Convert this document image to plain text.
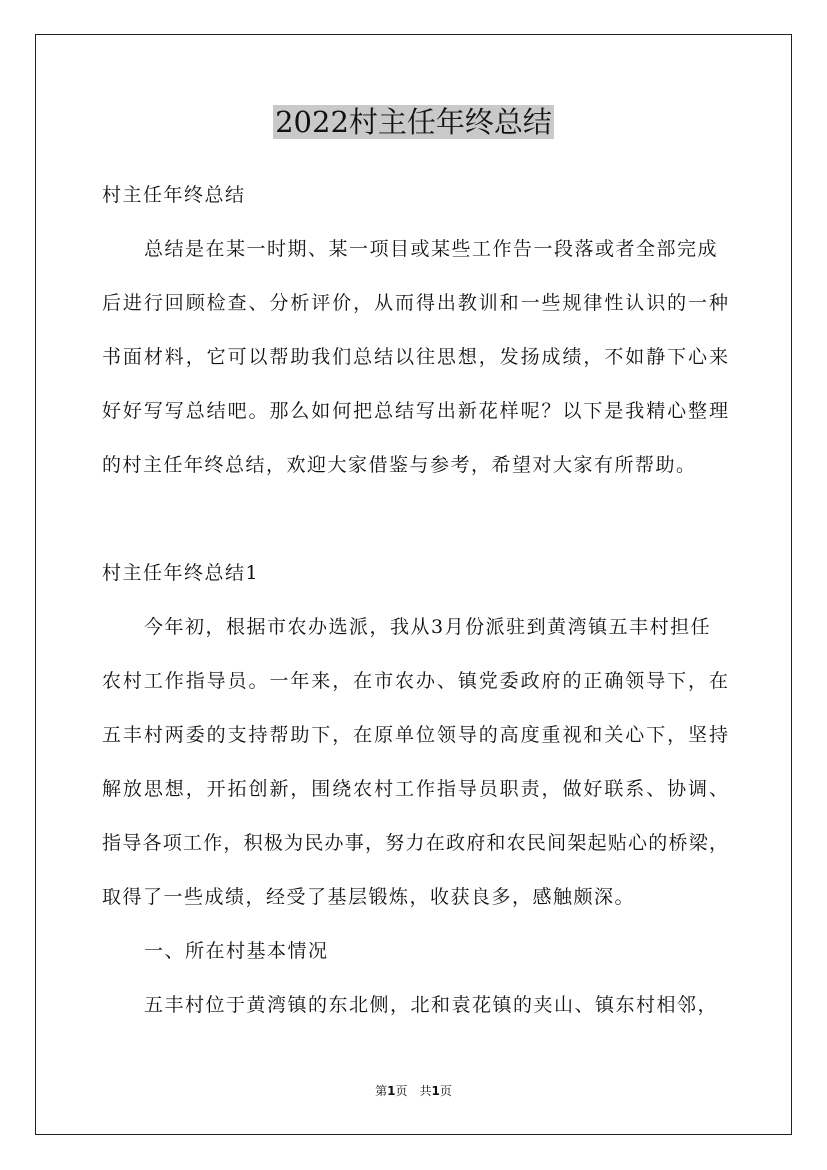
2022村主任年终总结
村主任年终总结
总结是在某一时期、某一项目或某些工作告一段落或者全部完成
后进行回顾检查、分析评价，从而得出教训和一些规律性认识的一种
书面材料，它可以帮助我们总结以往思想，发扬成绩，不如静下心来
好好写写总结吧。那么如何把总结写出新花样呢？以下是我精心整理
的村主任年终总结，欢迎大家借鉴与参考，希望对大家有所帮助。
村主任年终总结1
今年初，根据市农办选派，我从3月份派驻到黄湾镇五丰村担任
农村工作指导员。一年来，在市农办、镇党委政府的正确领导下，在
五丰村两委的支持帮助下，在原单位领导的高度重视和关心下，坚持
解放思想，开拓创新，围绕农村工作指导员职责，做好联系、协调、
指导各项工作，积极为民办事，努力在政府和农民间架起贴心的桥梁，
取得了一些成绩，经受了基层锻炼，收获良多，感触颇深。
一、所在村基本情况
五丰村位于黄湾镇的东北侧，北和袁花镇的夹山、镇东村相邻，
第1页 共1页
